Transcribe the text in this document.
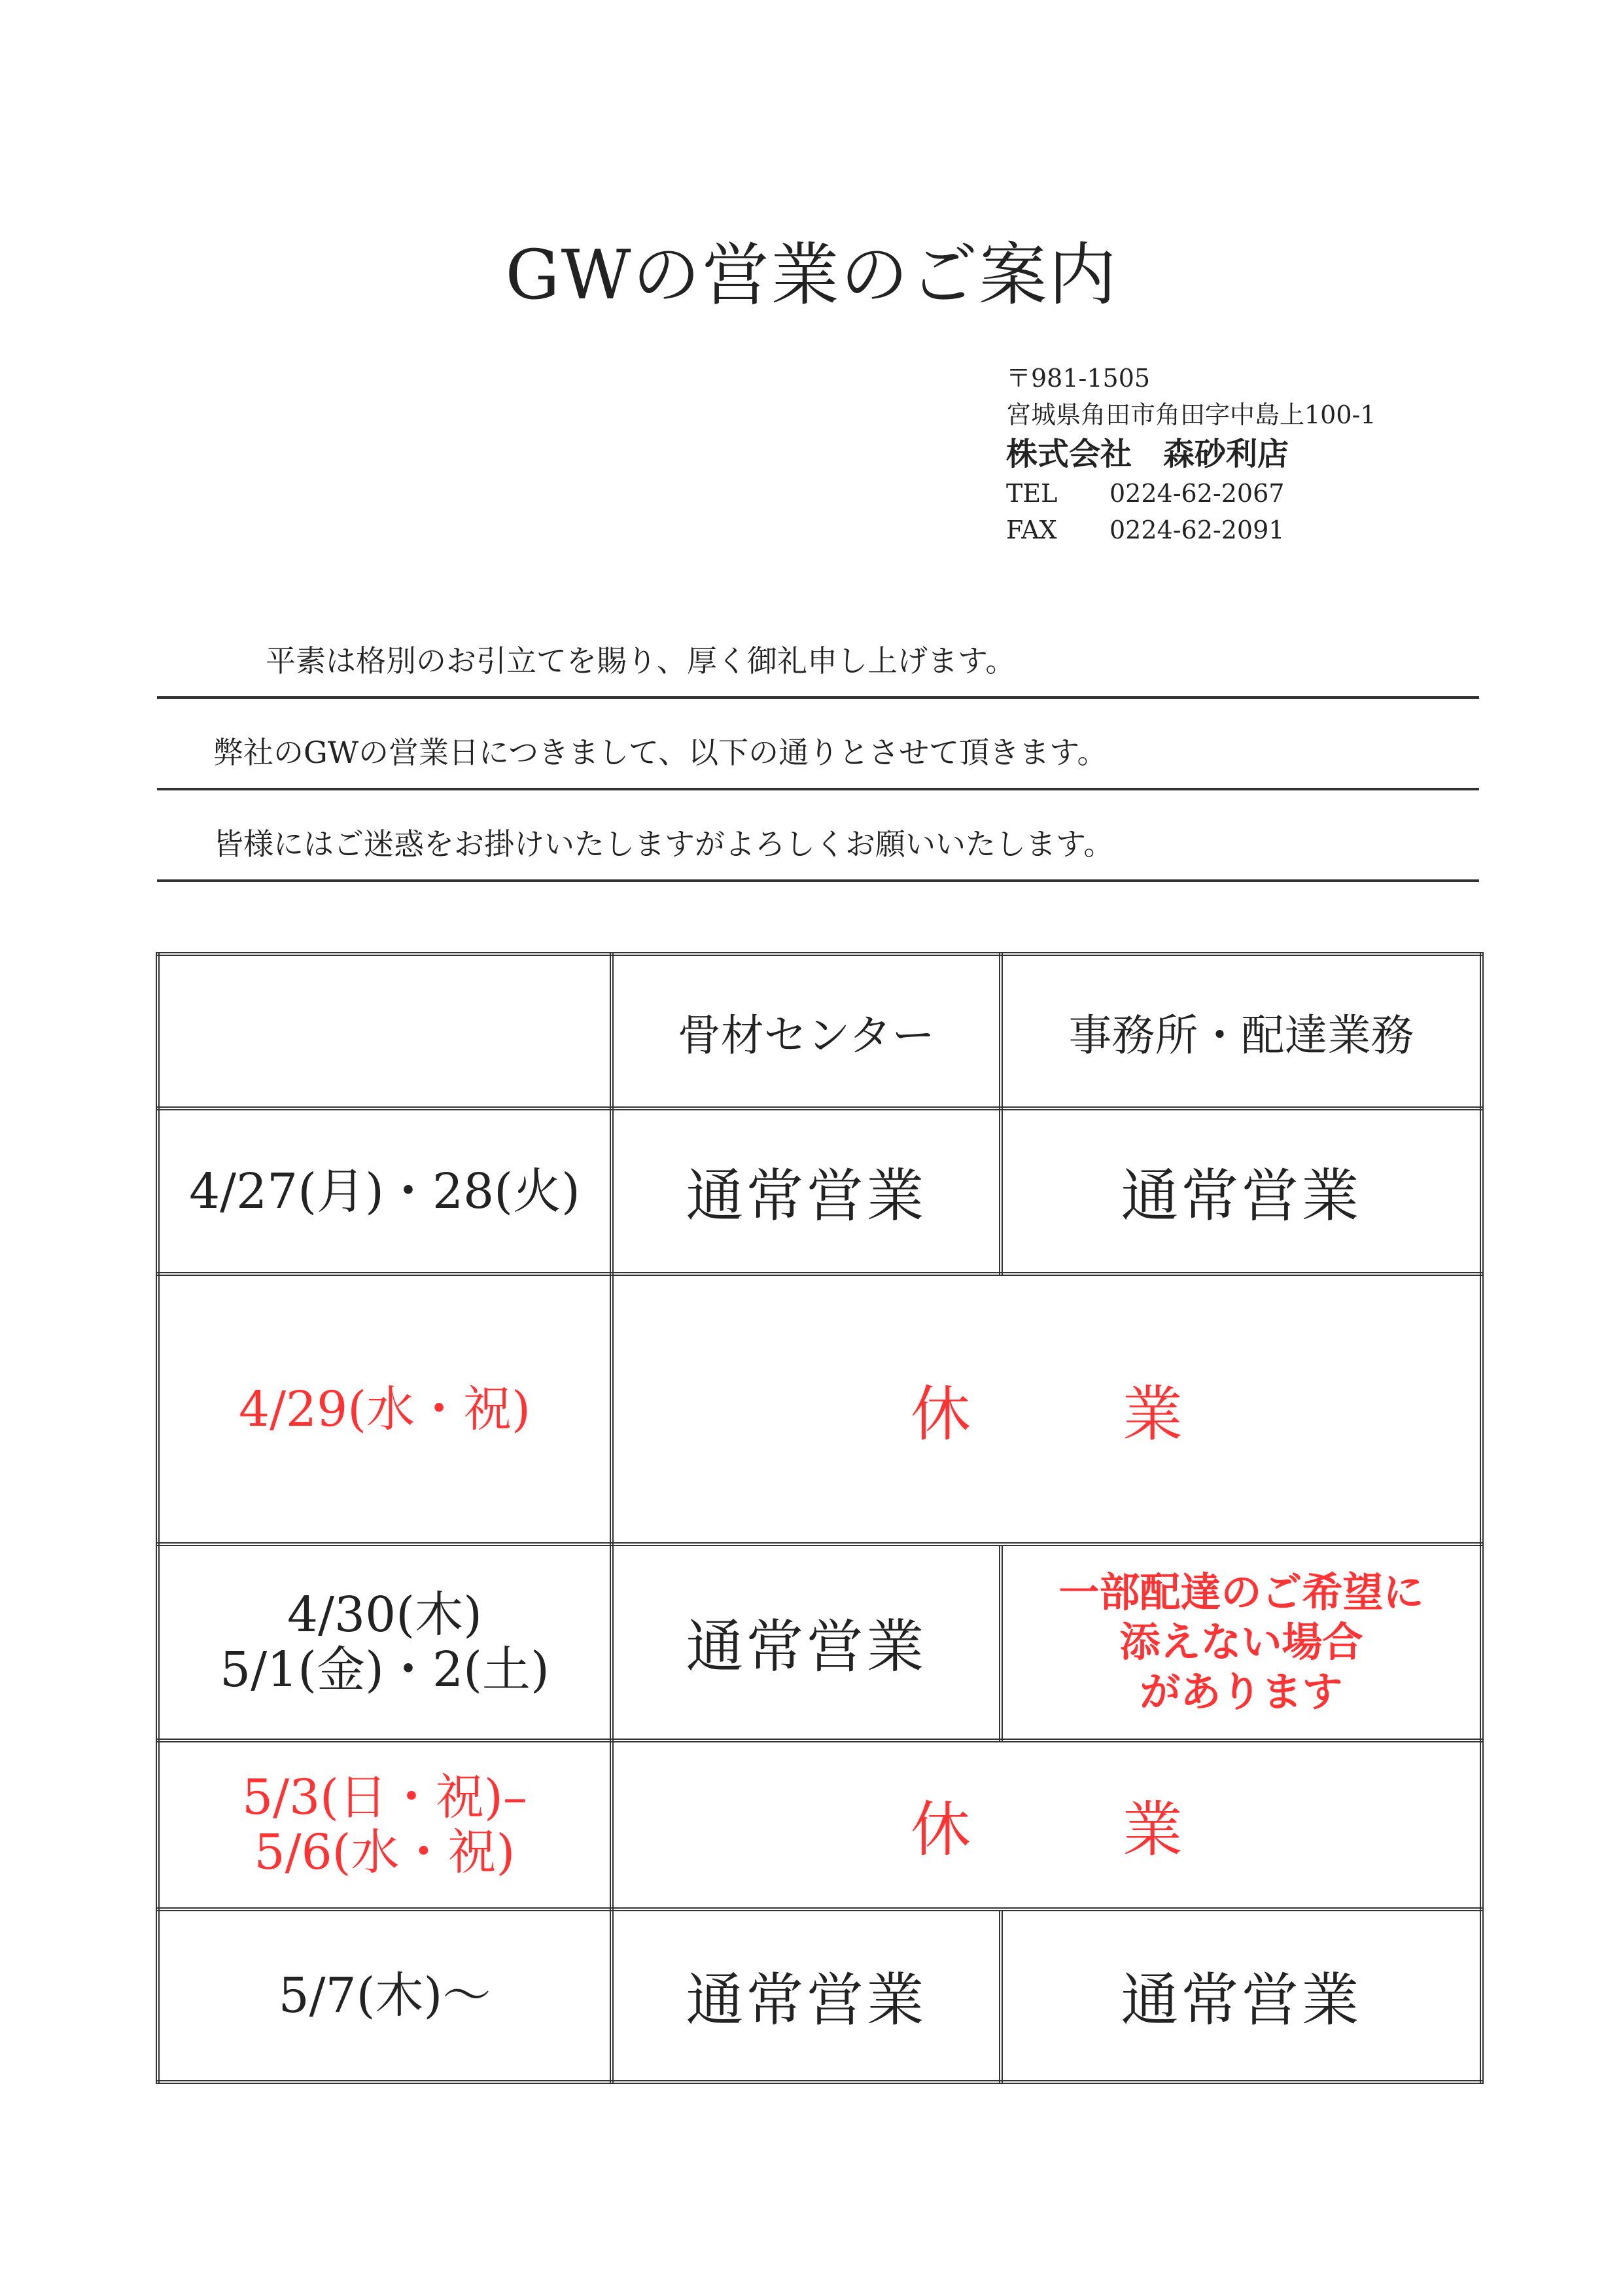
GWの営業のご案内
〒981-1505
宮城県角田市角田字中島上100-1
株式会社　森砂利店
TEL 0224-62-2067
FAX 0224-62-2091
平素は格別のお引立てを賜り、厚く御礼申し上げます。
弊社のGWの営業日につきまして、以下の通りとさせて頂きます。
皆様にはご迷惑をお掛けいたしますがよろしくお願いいたします。
	骨材センター	事務所・配達業務

4/27(月)・28(火)	通常営業	通常営業

4/29(水・祝)	休　業	

4/30(木)
5/1(金)・2(土)	通常営業	一部配達のご希望に
添えない場合
があります

5/3(日・祝)–
5/6(水・祝)	休　業	

5/7(木)～	通常営業	通常営業
